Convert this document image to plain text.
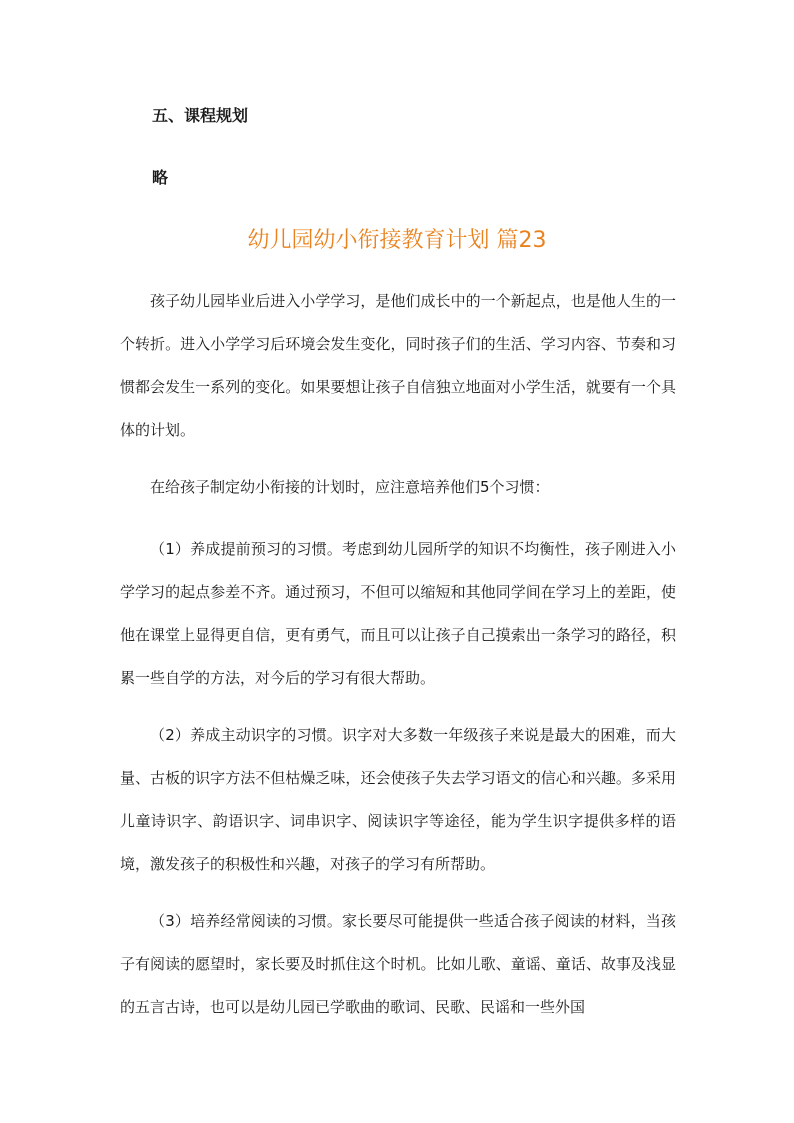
五、课程规划

略

幼儿园幼小衔接教育计划 篇23

孩子幼儿园毕业后进入小学学习，是他们成长中的一个新起点，也是他人生的一个转折。进入小学学习后环境会发生变化，同时孩子们的生活、学习内容、节奏和习惯都会发生一系列的变化。如果要想让孩子自信独立地面对小学生活，就要有一个具体的计划。

在给孩子制定幼小衔接的计划时，应注意培养他们5个习惯：

（1）养成提前预习的习惯。考虑到幼儿园所学的知识不均衡性，孩子刚进入小学学习的起点参差不齐。通过预习，不但可以缩短和其他同学间在学习上的差距，使他在课堂上显得更自信，更有勇气，而且可以让孩子自己摸索出一条学习的路径，积累一些自学的方法，对今后的学习有很大帮助。

（2）养成主动识字的习惯。识字对大多数一年级孩子来说是最大的困难，而大量、古板的识字方法不但枯燥乏味，还会使孩子失去学习语文的信心和兴趣。多采用儿童诗识字、韵语识字、词串识字、阅读识字等途径，能为学生识字提供多样的语境，激发孩子的积极性和兴趣，对孩子的学习有所帮助。

（3）培养经常阅读的习惯。家长要尽可能提供一些适合孩子阅读的材料，当孩子有阅读的愿望时，家长要及时抓住这个时机。比如儿歌、童谣、童话、故事及浅显的五言古诗，也可以是幼儿园已学歌曲的歌词、民歌、民谣和一些外国
